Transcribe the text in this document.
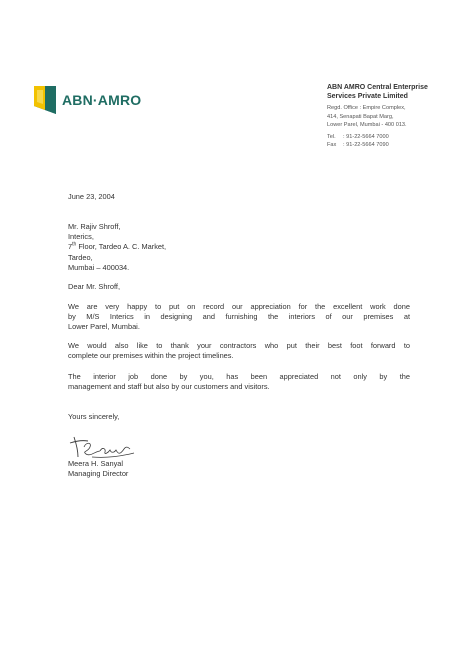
ABN·AMRO
ABN AMRO Central Enterprise
Services Private Limited
Regd. Office : Empire Complex,
414, Senapati Bapat Marg,
Lower Parel, Mumbai - 400 013.
Tel. : 91-22-5664 7000
Fax : 91-22-5664 7090
June 23, 2004
Mr. Rajiv Shroff,
Interics,
7th Floor, Tardeo A. C. Market,
Tardeo,
Mumbai – 400034.
Dear Mr. Shroff,
We are very happy to put on record our appreciation for the excellent work done
by M/S Interics in designing and furnishing the interiors of our premises at
Lower Parel, Mumbai.
We would also like to thank your contractors who put their best foot forward to
complete our premises within the project timelines.
The interior job done by you, has been appreciated not only by the
management and staff but also by our customers and visitors.
Yours sincerely,
Meera H. Sanyal
Managing Director
